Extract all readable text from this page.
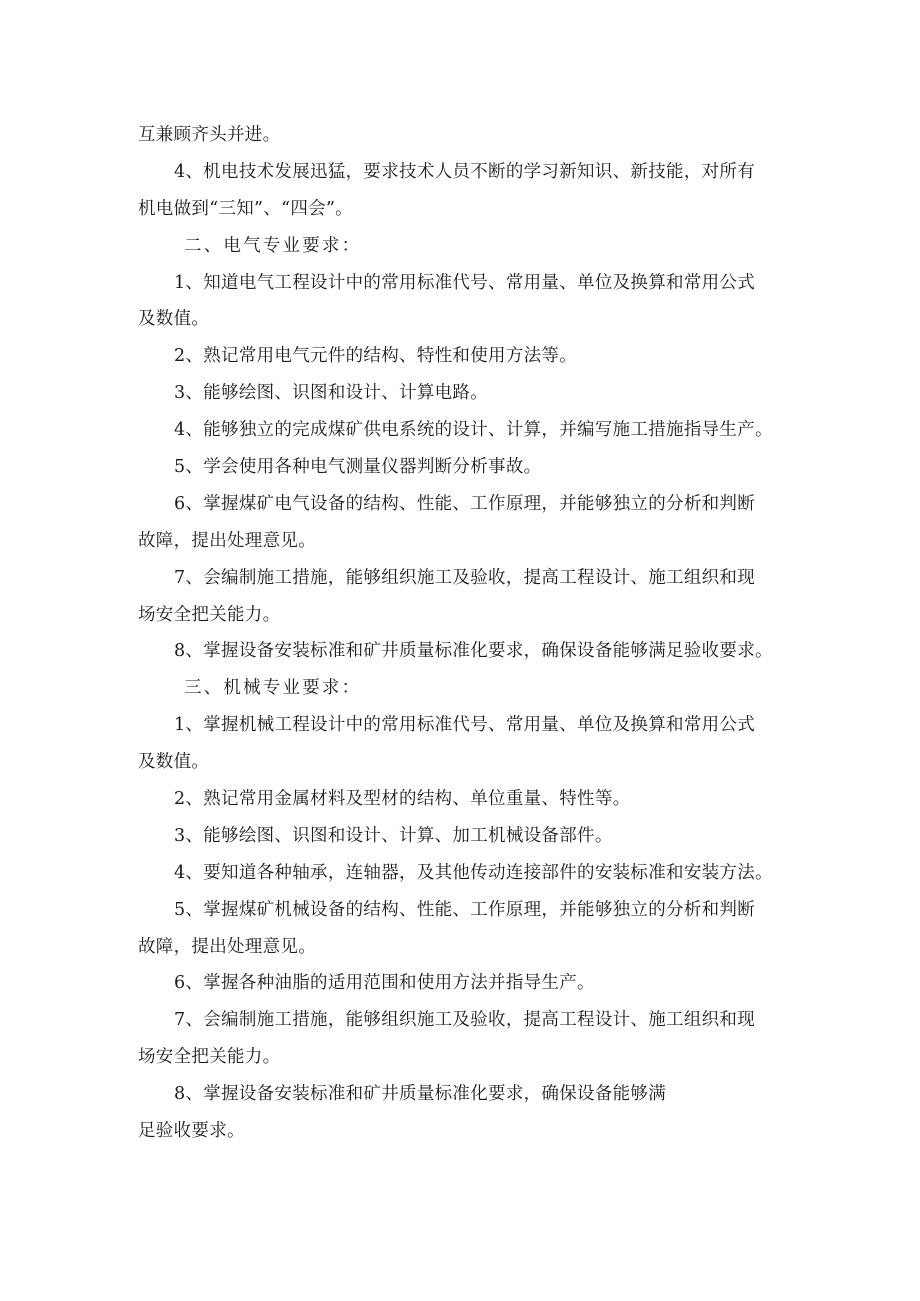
互兼顾齐头并进。
4、机电技术发展迅猛，要求技术人员不断的学习新知识、新技能，对所有
机电做到“三知”、“四会”。
二、电气专业要求：
1、知道电气工程设计中的常用标准代号、常用量、单位及换算和常用公式
及数值。
2、熟记常用电气元件的结构、特性和使用方法等。
3、能够绘图、识图和设计、计算电路。
4、能够独立的完成煤矿供电系统的设计、计算，并编写施工措施指导生产。
5、学会使用各种电气测量仪器判断分析事故。
6、掌握煤矿电气设备的结构、性能、工作原理，并能够独立的分析和判断
故障，提出处理意见。
7、会编制施工措施，能够组织施工及验收，提高工程设计、施工组织和现
场安全把关能力。
8、掌握设备安装标准和矿井质量标准化要求，确保设备能够满足验收要求。
三、机械专业要求：
1、掌握机械工程设计中的常用标准代号、常用量、单位及换算和常用公式
及数值。
2、熟记常用金属材料及型材的结构、单位重量、特性等。
3、能够绘图、识图和设计、计算、加工机械设备部件。
4、要知道各种轴承，连轴器，及其他传动连接部件的安装标准和安装方法。
5、掌握煤矿机械设备的结构、性能、工作原理，并能够独立的分析和判断
故障，提出处理意见。
6、掌握各种油脂的适用范围和使用方法并指导生产。
7、会编制施工措施，能够组织施工及验收，提高工程设计、施工组织和现
场安全把关能力。
8、掌握设备安装标准和矿井质量标准化要求，确保设备能够满
足验收要求。
